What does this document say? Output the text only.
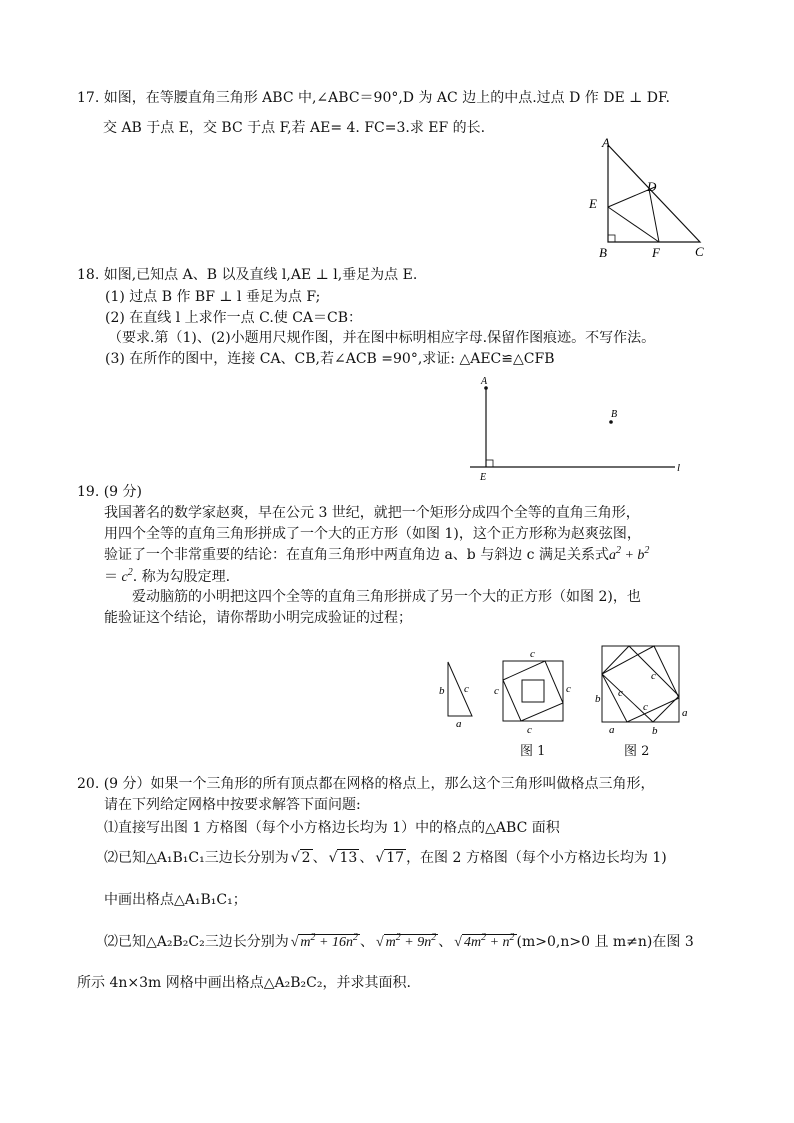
17. 如图，在等腰直角三角形 ABC 中,∠ABC＝90°,D 为 AC 边上的中点.过点 D 作 DE ⊥ DF.
交 AB 于点 E，交 BC 于点 F,若 AE= 4. FC=3.求 EF 的长.
A
D
E
B	F	C
18. 如图,已知点 A、B 以及直线 l,AE ⊥ l,垂足为点 E.
(1) 过点 B 作 BF ⊥ l 垂足为点 F;
(2) 在直线 l 上求作一点 C.使 CA＝CB：
（要求.第（1)、(2)小题用尺规作图，并在图中标明相应字母.保留作图痕迹。不写作法。
(3) 在所作的图中，连接 CA、CB,若∠ACB =90°,求证: △AEC≌△CFB
A
B
E
l
19. (9 分)
我国著名的数学家赵爽，早在公元 3 世纪，就把一个矩形分成四个全等的直角三角形，
用四个全等的直角三角形拼成了一个大的正方形（如图 1)，这个正方形称为赵爽弦图，
验证了一个非常重要的结论：在直角三角形中两直角边 a、b 与斜边 c 满足关系式$a^2 + b^2$
＝ $c^2$. 称为勾股定理.
爱动脑筋的小明把这四个全等的直角三角形拼成了另一个大的正方形（如图 2)，也
能验证这个结论，请你帮助小明完成验证的过程；
b c
a
c
c	c
c
b c
c
c	a
a	b
图 1	图 2
20. (9 分）如果一个三角形的所有顶点都在网格的格点上，那么这个三角形叫做格点三角形，
请在下列给定网格中按要求解答下面问题:
⑴直接写出图 1 方格图（每个小方格边长均为 1）中的格点的△ABC 面积
⑵已知△A₁B₁C₁三边长分别为 √ 2 、 √ 13 、 √ 17 ，在图 2 方格图（每个小方格边长均为 1)
中画出格点△A₁B₁C₁；
⑵已知△A₂B₂C₂三边长分别为 √ $m^2 + 16n^2$ 、 √ $m^2 + 9n^2$ 、 √ $4m^2 + n^2$ (m>0,n>0 且 m≠n)在图 3
所示 4n×3m 网格中画出格点△A₂B₂C₂，并求其面积.
